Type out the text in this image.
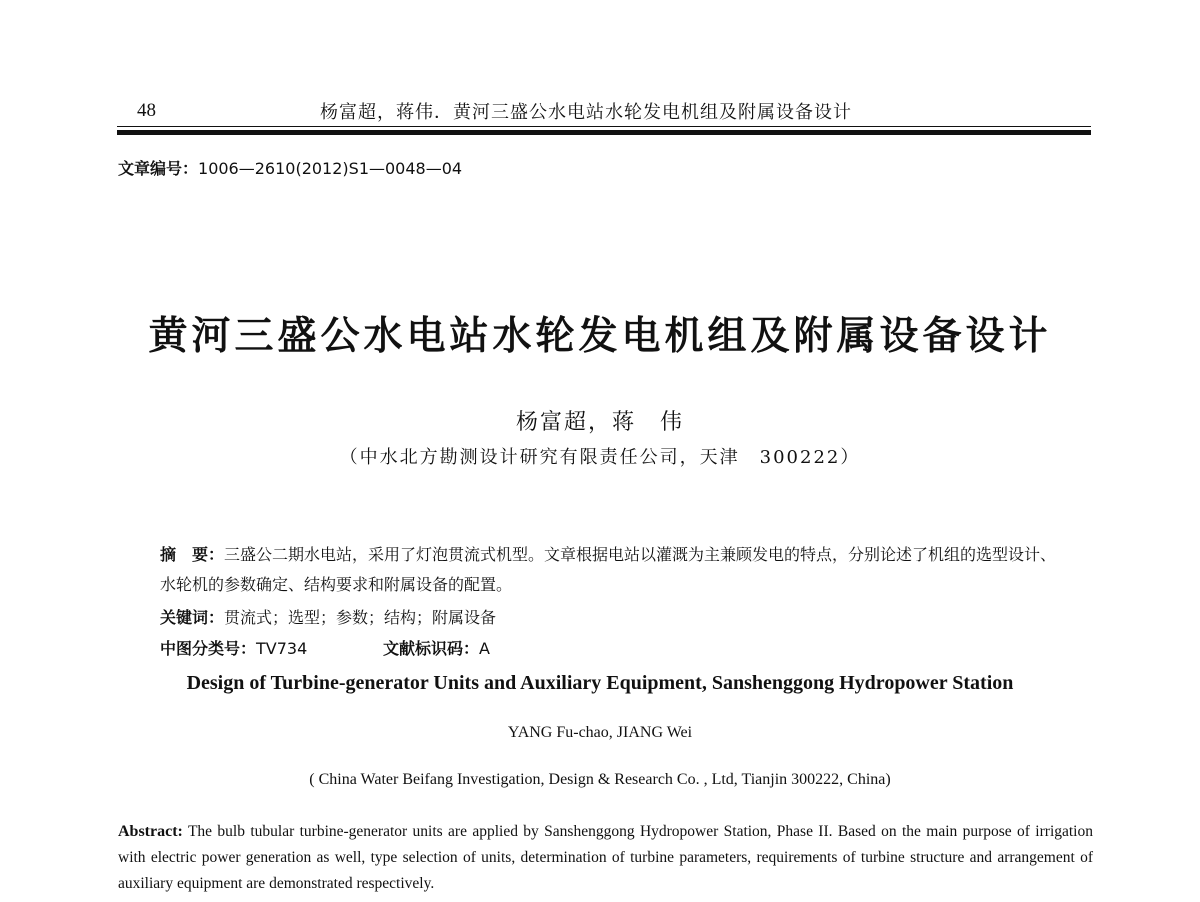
48	杨富超，蒋伟．黄河三盛公水电站水轮发电机组及附属设备设计
文章编号：1006—2610(2012)S1—0048—04
黄河三盛公水电站水轮发电机组及附属设备设计
杨富超，蒋　伟
（中水北方勘测设计研究有限责任公司，天津　300222）
摘　要：三盛公二期水电站，采用了灯泡贯流式机型。文章根据电站以灌溉为主兼顾发电的特点，分别论述了机组的选型设计、水轮机的参数确定、结构要求和附属设备的配置。
关键词：贯流式；选型；参数；结构；附属设备
中图分类号：TV734	文献标识码：A
Design of Turbine-generator Units and Auxiliary Equipment, Sanshenggong Hydropower Station
YANG Fu-chao, JIANG Wei
( China Water Beifang Investigation, Design & Research Co. , Ltd, Tianjin 300222, China)
Abstract: The bulb tubular turbine-generator units are applied by Sanshenggong Hydropower Station, Phase II. Based on the main purpose of irrigation with electric power generation as well, type selection of units, determination of turbine parameters, requirements of turbine structure and arrangement of auxiliary equipment are demonstrated respectively.
